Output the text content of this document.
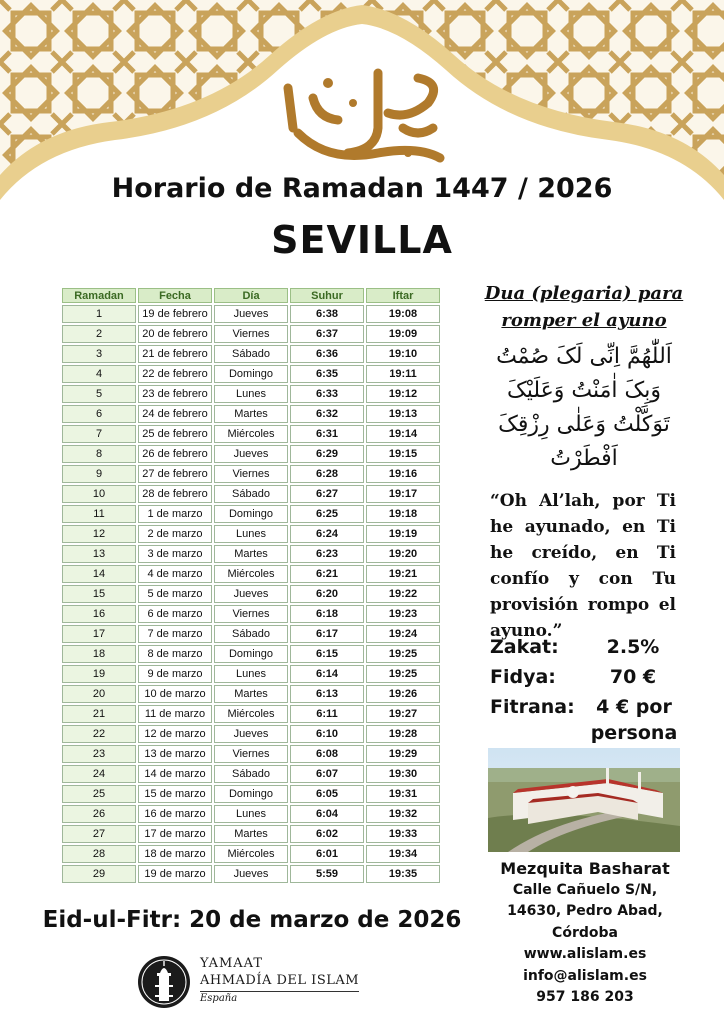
Horario de Ramadan 1447 / 2026
SEVILLA
Ramadan	Fecha	Día	Suhur	Iftar
1	19 de febrero	Jueves	6:38	19:08
2	20 de febrero	Viernes	6:37	19:09
3	21 de febrero	Sábado	6:36	19:10
4	22 de febrero	Domingo	6:35	19:11
5	23 de febrero	Lunes	6:33	19:12
6	24 de febrero	Martes	6:32	19:13
7	25 de febrero	Miércoles	6:31	19:14
8	26 de febrero	Jueves	6:29	19:15
9	27 de febrero	Viernes	6:28	19:16
10	28 de febrero	Sábado	6:27	19:17
11	1 de marzo	Domingo	6:25	19:18
12	2 de marzo	Lunes	6:24	19:19
13	3 de marzo	Martes	6:23	19:20
14	4 de marzo	Miércoles	6:21	19:21
15	5 de marzo	Jueves	6:20	19:22
16	6 de marzo	Viernes	6:18	19:23
17	7 de marzo	Sábado	6:17	19:24
18	8 de marzo	Domingo	6:15	19:25
19	9 de marzo	Lunes	6:14	19:25
20	10 de marzo	Martes	6:13	19:26
21	11 de marzo	Miércoles	6:11	19:27
22	12 de marzo	Jueves	6:10	19:28
23	13 de marzo	Viernes	6:08	19:29
24	14 de marzo	Sábado	6:07	19:30
25	15 de marzo	Domingo	6:05	19:31
26	16 de marzo	Lunes	6:04	19:32
27	17 de marzo	Martes	6:02	19:33
28	18 de marzo	Miércoles	6:01	19:34
29	19 de marzo	Jueves	5:59	19:35
Dua (plegaria) para
romper el ayuno
اَللّٰهُمَّ اِنِّی لَکَ صُمْتُ
وَبِکَ اٰمَنْتُ وَعَلَیْکَ
تَوَکَّلْتُ وَعَلٰی رِزْقِکَ
اَفْطَرْتُ
“Oh Al’lah, por Ti he ayunado, en Ti he creído, en Ti confío y con Tu provisión rompo el ayuno.”
Zakat:	2.5%
Fidya:	70 €
Fitrana:	4 € por
persona
Mezquita Basharat
Calle Cañuelo S/N,
14630, Pedro Abad,
Córdoba
www.alislam.es
info@alislam.es
957 186 203
Eid-ul-Fitr: 20 de marzo de 2026
YAMAAT
AHMADÍA DEL ISLAM
España
